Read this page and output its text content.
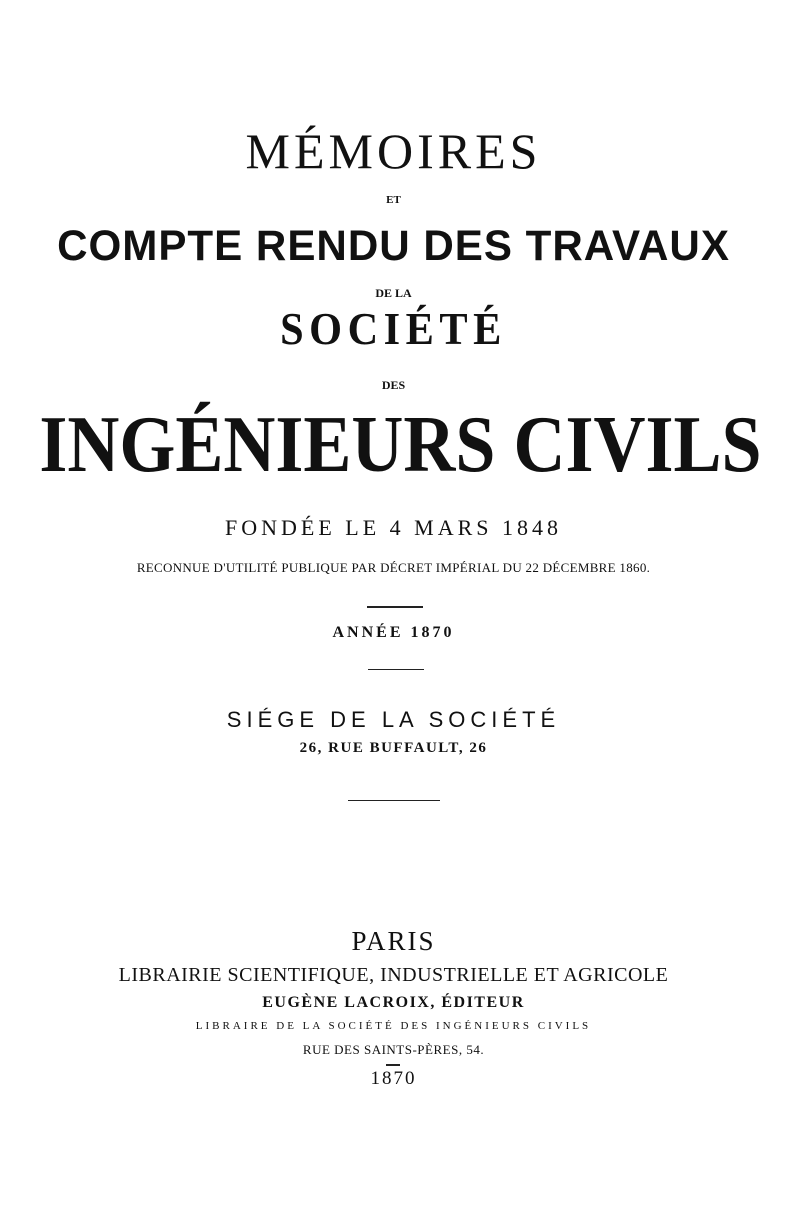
MÉMOIRES
ET
COMPTE RENDU DES TRAVAUX
DE LA
SOCIÉTÉ
DES
INGÉNIEURS CIVILS
FONDÉE LE 4 MARS 1848
RECONNUE D'UTILITÉ PUBLIQUE PAR DÉCRET IMPÉRIAL DU 22 DÉCEMBRE 1860.
ANNÉE 1870
SIÉGE DE LA SOCIÉTÉ
26, RUE BUFFAULT, 26
PARIS
LIBRAIRIE SCIENTIFIQUE, INDUSTRIELLE ET AGRICOLE
EUGÈNE LACROIX, ÉDITEUR
LIBRAIRE DE LA SOCIÉTÉ DES INGÉNIEURS CIVILS
RUE DES SAINTS-PÈRES, 54.
1870
